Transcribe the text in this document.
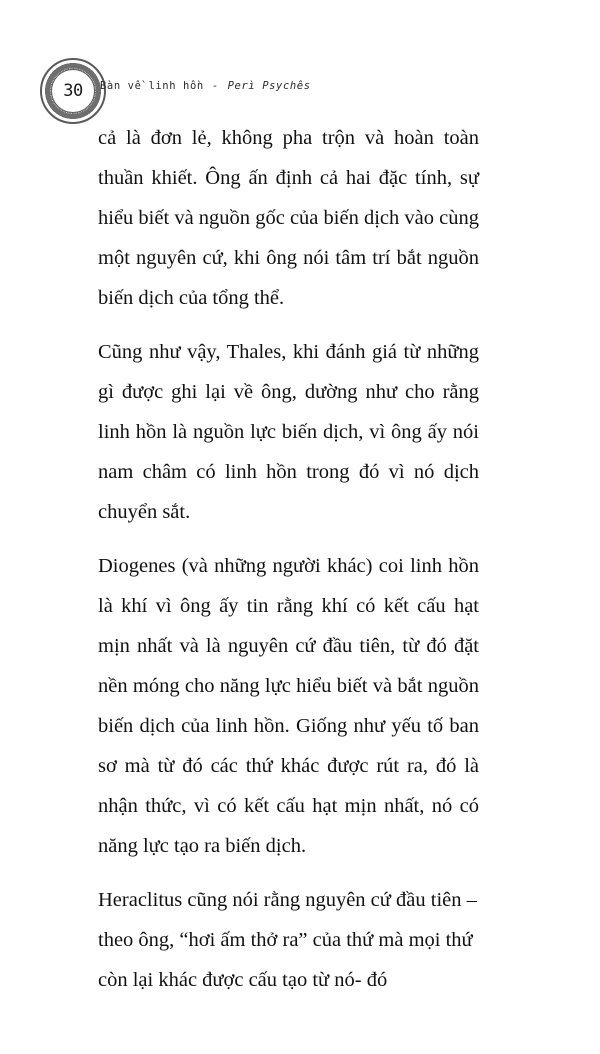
30	Bàn về linh hồn - Perì Psychês

cả là đơn lẻ, không pha trộn và hoàn toàn thuần khiết. Ông ấn định cả hai đặc tính, sự hiểu biết và nguồn gốc của biến dịch vào cùng một nguyên cứ, khi ông nói tâm trí bắt nguồn biến dịch của tổng thể.

Cũng như vậy, Thales, khi đánh giá từ những gì được ghi lại về ông, dường như cho rằng linh hồn là nguồn lực biến dịch, vì ông ấy nói nam châm có linh hồn trong đó vì nó dịch chuyển sắt.

Diogenes (và những người khác) coi linh hồn là khí vì ông ấy tin rằng khí có kết cấu hạt mịn nhất và là nguyên cứ đầu tiên, từ đó đặt nền móng cho năng lực hiểu biết và bắt nguồn biến dịch của linh hồn. Giống như yếu tố ban sơ mà từ đó các thứ khác được rút ra, đó là nhận thức, vì có kết cấu hạt mịn nhất, nó có năng lực tạo ra biến dịch.

Heraclitus cũng nói rằng nguyên cứ đầu tiên – theo ông, “hơi ấm thở ra” của thứ mà mọi thứ còn lại khác được cấu tạo từ nó- đó
